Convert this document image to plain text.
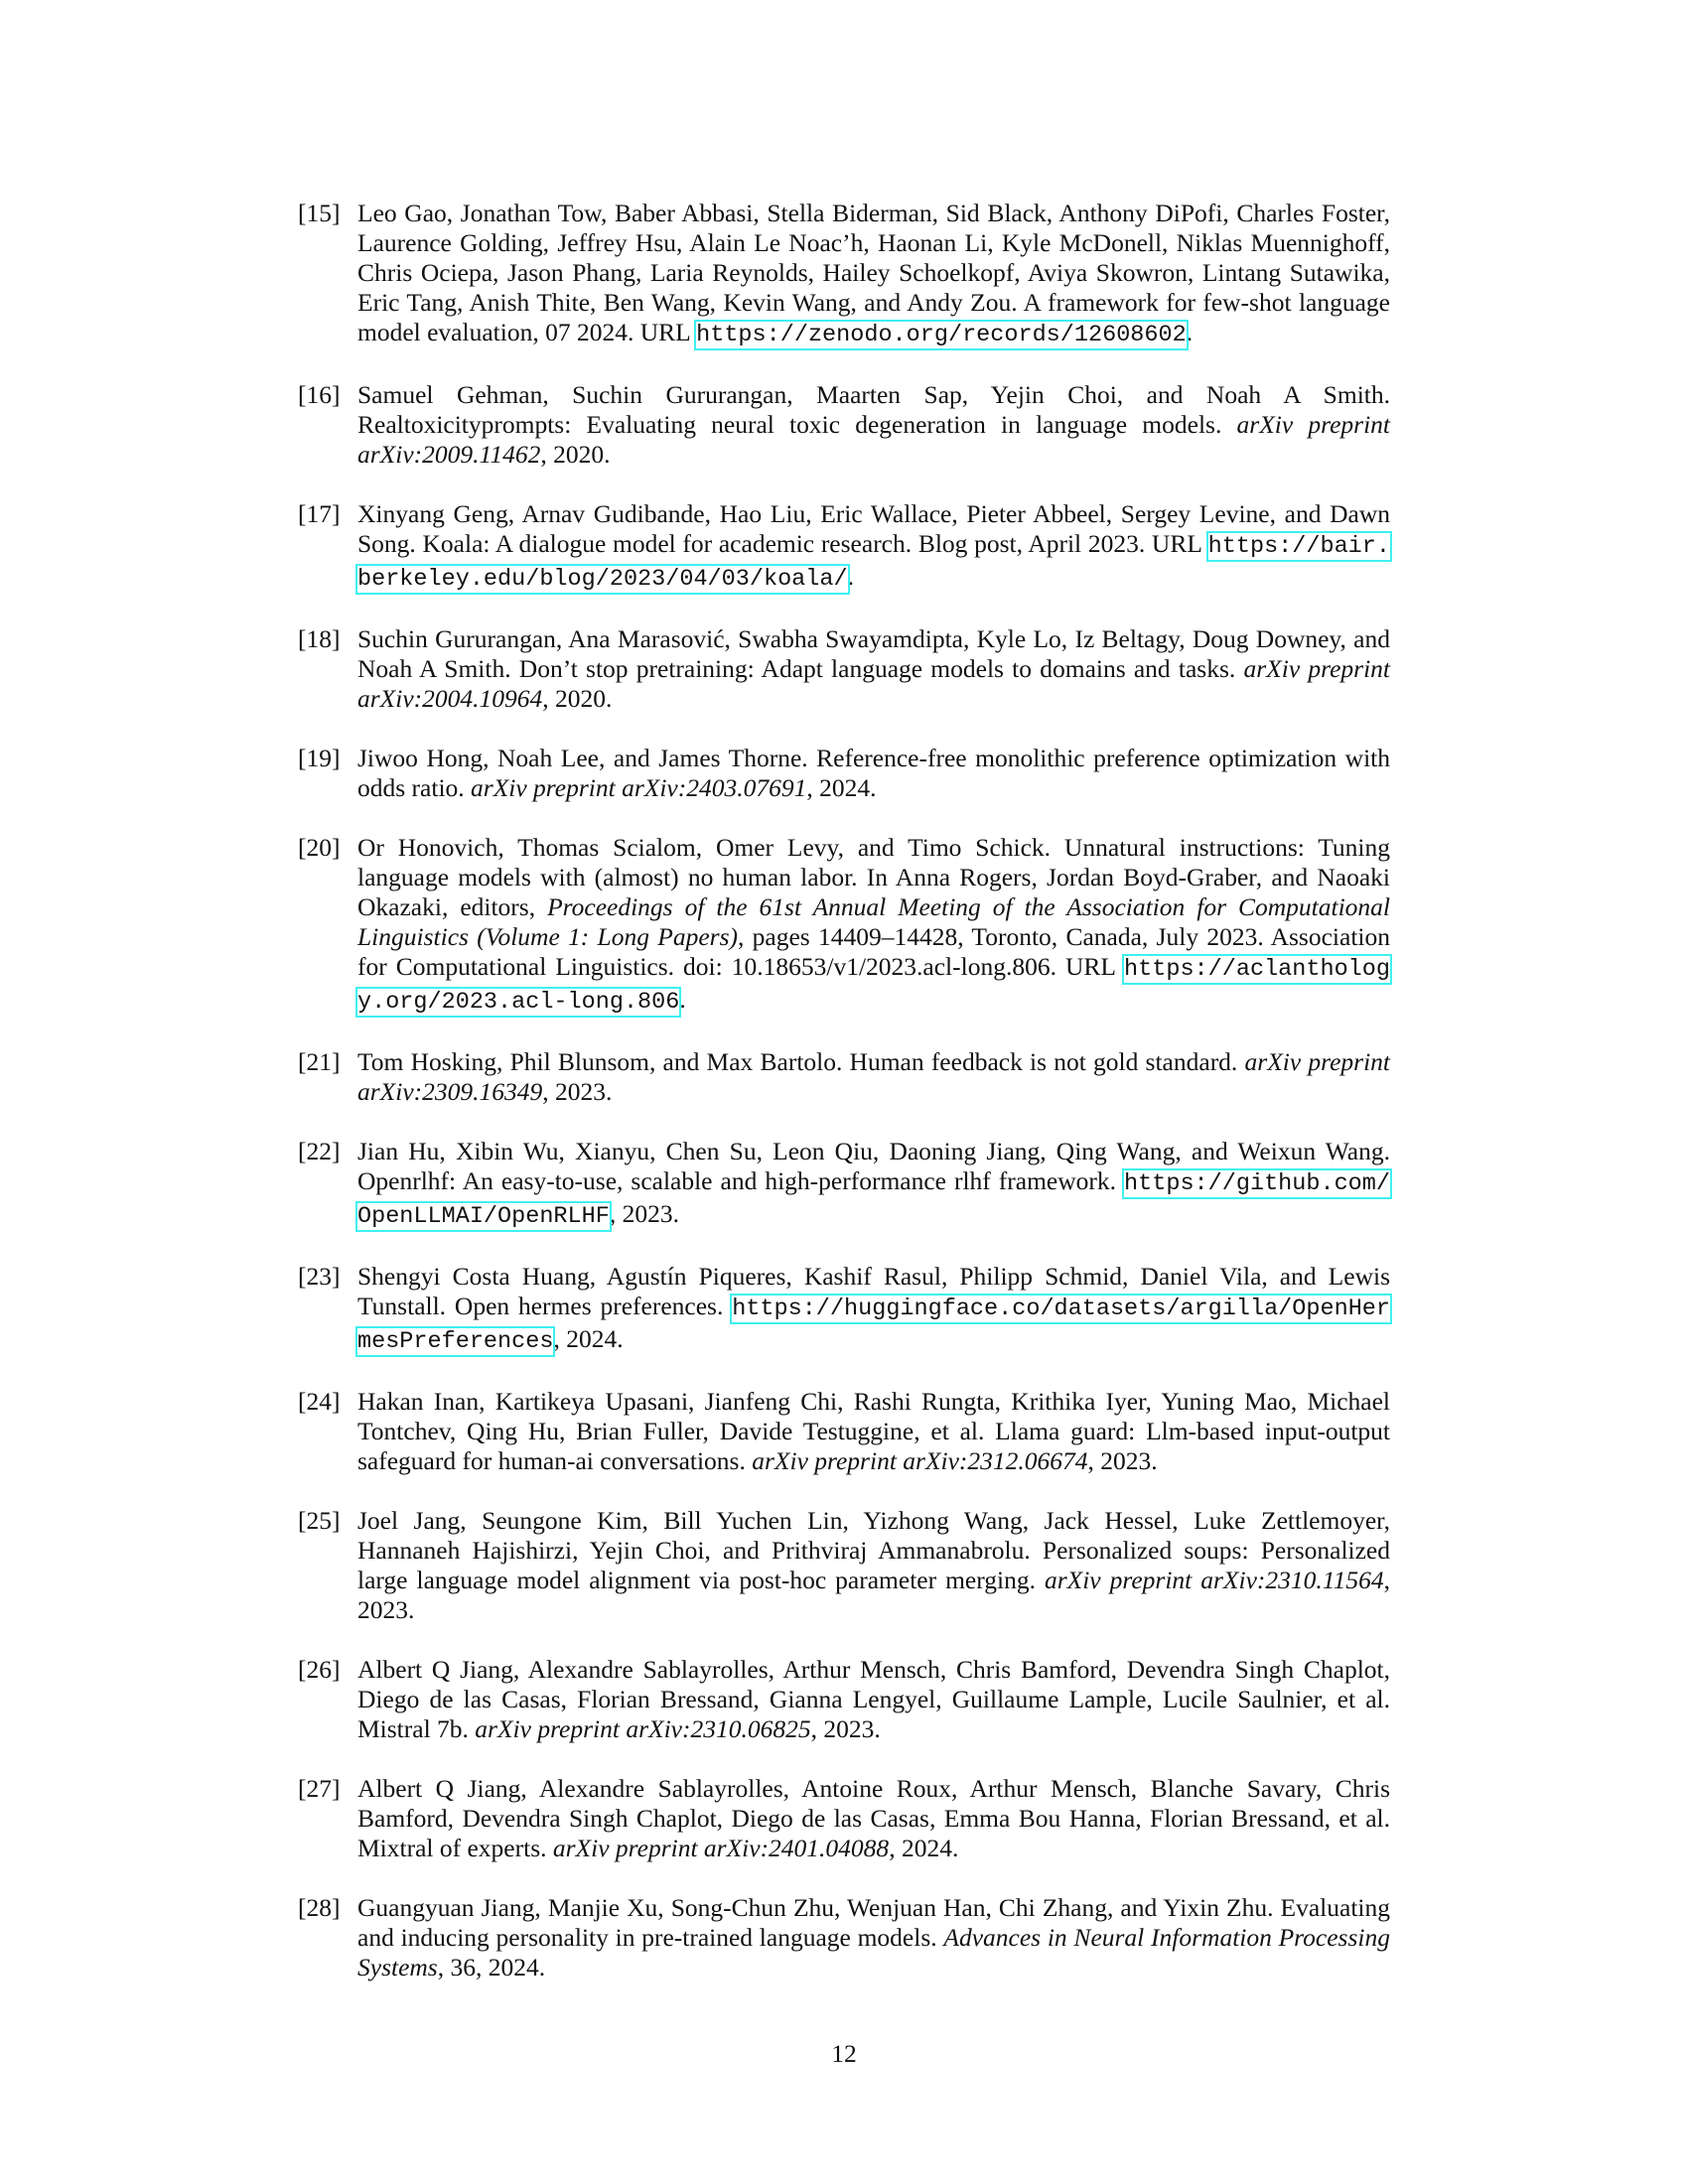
[15] Leo Gao, Jonathan Tow, Baber Abbasi, Stella Biderman, Sid Black, Anthony DiPofi, Charles Foster, Laurence Golding, Jeffrey Hsu, Alain Le Noac’h, Haonan Li, Kyle McDonell, Niklas Muennighoff, Chris Ociepa, Jason Phang, Laria Reynolds, Hailey Schoelkopf, Aviya Skowron, Lintang Sutawika, Eric Tang, Anish Thite, Ben Wang, Kevin Wang, and Andy Zou. A framework for few-shot language model evaluation, 07 2024. URL https://zenodo.org/records/12608602.
[16] Samuel Gehman, Suchin Gururangan, Maarten Sap, Yejin Choi, and Noah A Smith. Realtoxicityprompts: Evaluating neural toxic degeneration in language models. arXiv preprint arXiv:2009.11462, 2020.
[17] Xinyang Geng, Arnav Gudibande, Hao Liu, Eric Wallace, Pieter Abbeel, Sergey Levine, and Dawn Song. Koala: A dialogue model for academic research. Blog post, April 2023. URL https://bair.berkeley.edu/blog/2023/04/03/koala/.
[18] Suchin Gururangan, Ana Marasović, Swabha Swayamdipta, Kyle Lo, Iz Beltagy, Doug Downey, and Noah A Smith. Don’t stop pretraining: Adapt language models to domains and tasks. arXiv preprint arXiv:2004.10964, 2020.
[19] Jiwoo Hong, Noah Lee, and James Thorne. Reference-free monolithic preference optimization with odds ratio. arXiv preprint arXiv:2403.07691, 2024.
[20] Or Honovich, Thomas Scialom, Omer Levy, and Timo Schick. Unnatural instructions: Tuning language models with (almost) no human labor. In Anna Rogers, Jordan Boyd-Graber, and Naoaki Okazaki, editors, Proceedings of the 61st Annual Meeting of the Association for Computational Linguistics (Volume 1: Long Papers), pages 14409–14428, Toronto, Canada, July 2023. Association for Computational Linguistics. doi: 10.18653/v1/2023.acl-long.806. URL https://aclanthology.org/2023.acl-long.806.
[21] Tom Hosking, Phil Blunsom, and Max Bartolo. Human feedback is not gold standard. arXiv preprint arXiv:2309.16349, 2023.
[22] Jian Hu, Xibin Wu, Xianyu, Chen Su, Leon Qiu, Daoning Jiang, Qing Wang, and Weixun Wang. Openrlhf: An easy-to-use, scalable and high-performance rlhf framework. https://github.com/OpenLLMAI/OpenRLHF, 2023.
[23] Shengyi Costa Huang, Agustín Piqueres, Kashif Rasul, Philipp Schmid, Daniel Vila, and Lewis Tunstall. Open hermes preferences. https://huggingface.co/datasets/argilla/OpenHermesPreferences, 2024.
[24] Hakan Inan, Kartikeya Upasani, Jianfeng Chi, Rashi Rungta, Krithika Iyer, Yuning Mao, Michael Tontchev, Qing Hu, Brian Fuller, Davide Testuggine, et al. Llama guard: Llm-based input-output safeguard for human-ai conversations. arXiv preprint arXiv:2312.06674, 2023.
[25] Joel Jang, Seungone Kim, Bill Yuchen Lin, Yizhong Wang, Jack Hessel, Luke Zettlemoyer, Hannaneh Hajishirzi, Yejin Choi, and Prithviraj Ammanabrolu. Personalized soups: Personalized large language model alignment via post-hoc parameter merging. arXiv preprint arXiv:2310.11564, 2023.
[26] Albert Q Jiang, Alexandre Sablayrolles, Arthur Mensch, Chris Bamford, Devendra Singh Chaplot, Diego de las Casas, Florian Bressand, Gianna Lengyel, Guillaume Lample, Lucile Saulnier, et al. Mistral 7b. arXiv preprint arXiv:2310.06825, 2023.
[27] Albert Q Jiang, Alexandre Sablayrolles, Antoine Roux, Arthur Mensch, Blanche Savary, Chris Bamford, Devendra Singh Chaplot, Diego de las Casas, Emma Bou Hanna, Florian Bressand, et al. Mixtral of experts. arXiv preprint arXiv:2401.04088, 2024.
[28] Guangyuan Jiang, Manjie Xu, Song-Chun Zhu, Wenjuan Han, Chi Zhang, and Yixin Zhu. Evaluating and inducing personality in pre-trained language models. Advances in Neural Information Processing Systems, 36, 2024.
12
